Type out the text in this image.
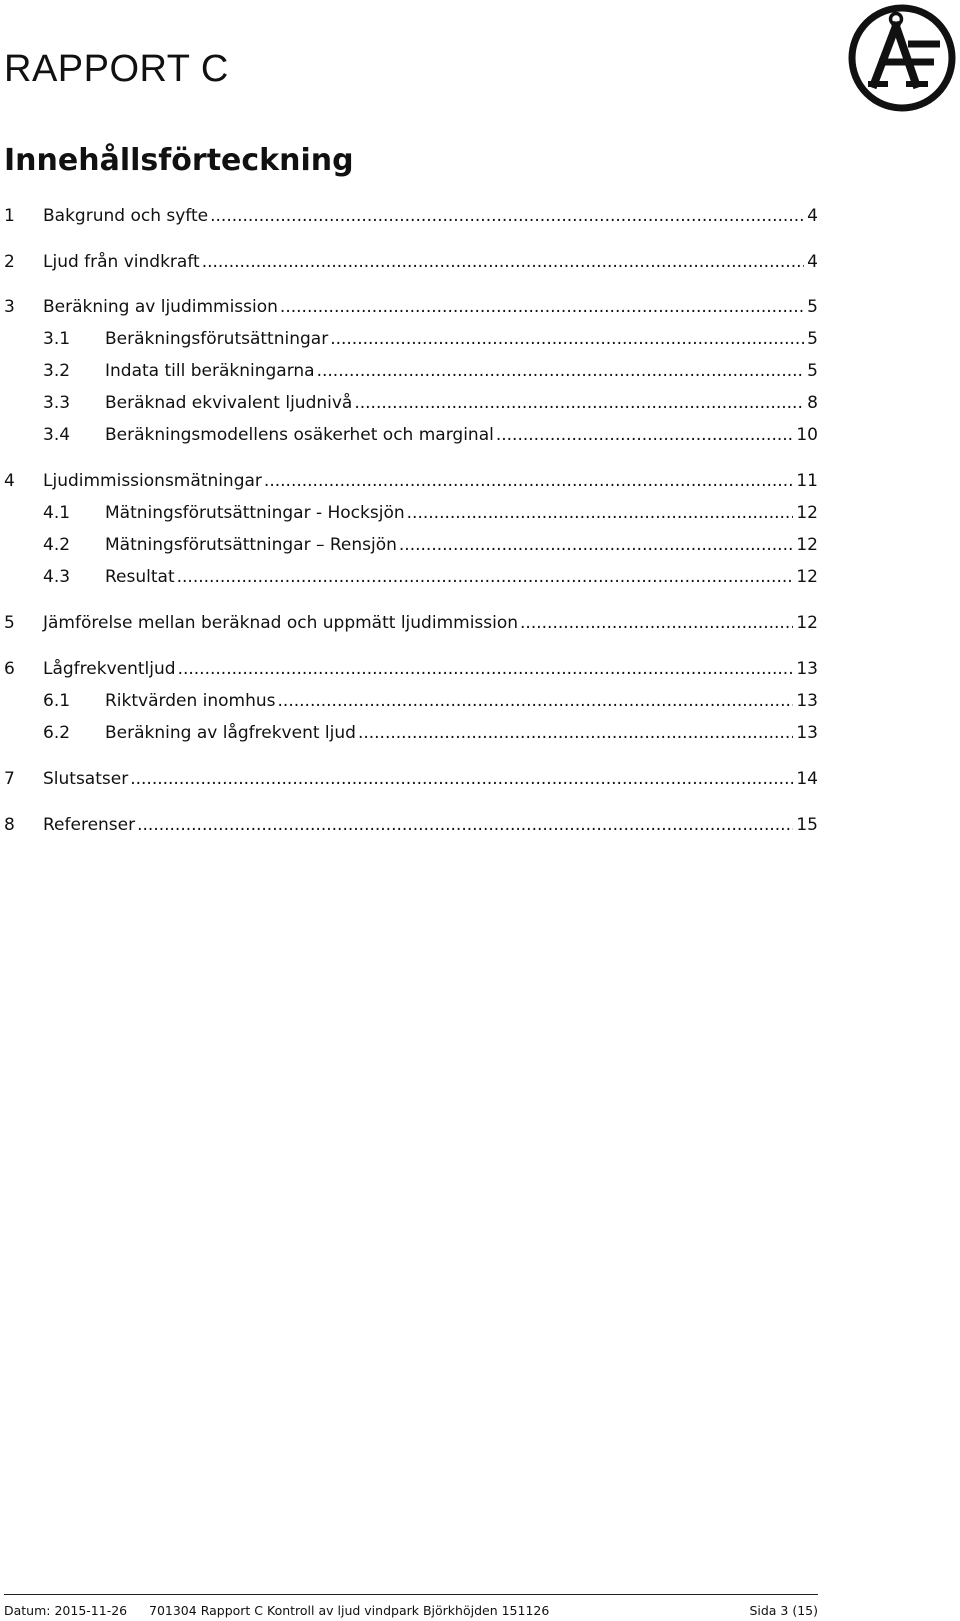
RAPPORT C
Innehållsförteckning
1 Bakgrund och syfte .....	4
2 Ljud från vindkraft .....	4
3 Beräkning av ljudimmission .....	5
3.1 Beräkningsförutsättningar .....	5
3.2 Indata till beräkningarna .....	5
3.3 Beräknad ekvivalent ljudnivå .....	8
3.4 Beräkningsmodellens osäkerhet och marginal .....	10
4 Ljudimmissionsmätningar .....	11
4.1 Mätningsförutsättningar - Hocksjön .....	12
4.2 Mätningsförutsättningar – Rensjön .....	12
4.3 Resultat .....	12
5 Jämförelse mellan beräknad och uppmätt ljudimmission .....	12
6 Lågfrekventljud .....	13
6.1 Riktvärden inomhus .....	13
6.2 Beräkning av lågfrekvent ljud .....	13
7 Slutsatser .....	14
8 Referenser .....	15
Datum: 2015-11-26 701304 Rapport C Kontroll av ljud vindpark Björkhöjden 151126	Sida 3 (15)
